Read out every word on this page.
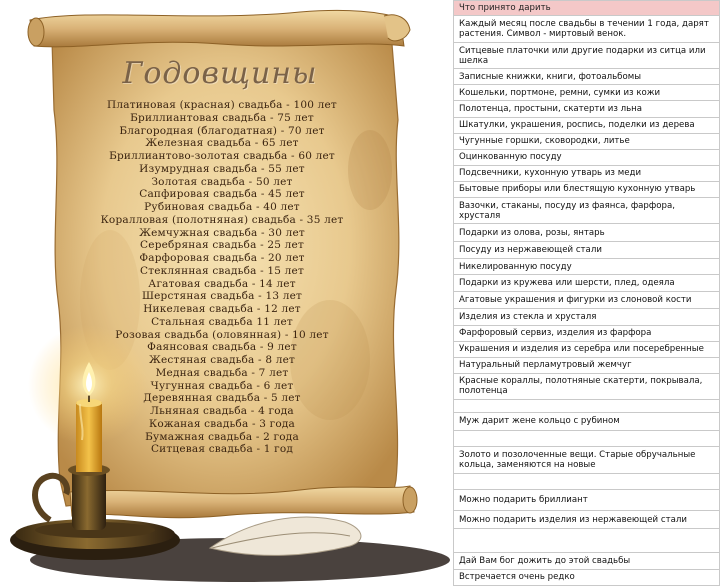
Годовщины
Платиновая (красная) свадьба - 100 лет
Бриллиантовая свадьба - 75 лет
Благородная (благодатная) - 70 лет
Железная свадьба - 65 лет
Бриллиантово-золотая свадьба - 60 лет
Изумрудная свадьба - 55 лет
Золотая свадьба - 50 лет
Сапфировая свадьба - 45 лет
Рубиновая свадьба - 40 лет
Коралловая (полотняная) свадьба - 35 лет
Жемчужная свадьба - 30 лет
Серебряная свадьба - 25 лет
Фарфоровая свадьба - 20 лет
Стеклянная свадьба - 15 лет
Агатовая свадьба - 14 лет
Шерстяная свадьба - 13 лет
Никелевая свадьба - 12 лет
Стальная свадьба 11 лет
Розовая свадьба (оловянная) - 10 лет
Фаянсовая свадьба - 9 лет
Жестяная свадьба - 8 лет
Медная свадьба - 7 лет
Чугунная свадьба - 6 лет
Деревянная свадьба - 5 лет
Льняная свадьба - 4 года
Кожаная свадьба - 3 года
Бумажная свадьба - 2 года
Ситцевая свадьба - 1 год
Что принято дарить
Каждый месяц после свадьбы в течении 1 года, дарят растения. Символ - миртовый венок.
Ситцевые платочки или другие подарки из ситца или шелка
Записные книжки, книги, фотоальбомы
Кошельки, портмоне, ремни, сумки из кожи
Полотенца, простыни, скатерти из льна
Шкатулки, украшения, роспись, поделки из дерева
Чугунные горшки, сковородки, литье
Оцинкованную посуду
Подсвечники, кухонную утварь из меди
Бытовые приборы или блестящую кухонную утварь
Вазочки, стаканы, посуду из фаянса, фарфора, хрусталя
Подарки из олова, розы, янтарь
Посуду из нержавеющей стали
Никелированную посуду
Подарки из кружева или шерсти, плед, одеяла
Агатовые украшения и фигурки из слоновой кости
Изделия из стекла и хрусталя
Фарфоровый сервиз, изделия из фарфора
Украшения и изделия из серебра или посеребренные
Натуральный перламутровый жемчуг
Красные кораллы, полотняные скатерти, покрывала, полотенца

Муж дарит жене кольцо с рубином

Золото и позолоченные вещи. Старые обручальные кольца, заменяются на новые

Можно подарить бриллиант
Можно подарить изделия из нержавеющей стали

Дай Вам бог дожить до этой свадьбы
Встречается очень редко
